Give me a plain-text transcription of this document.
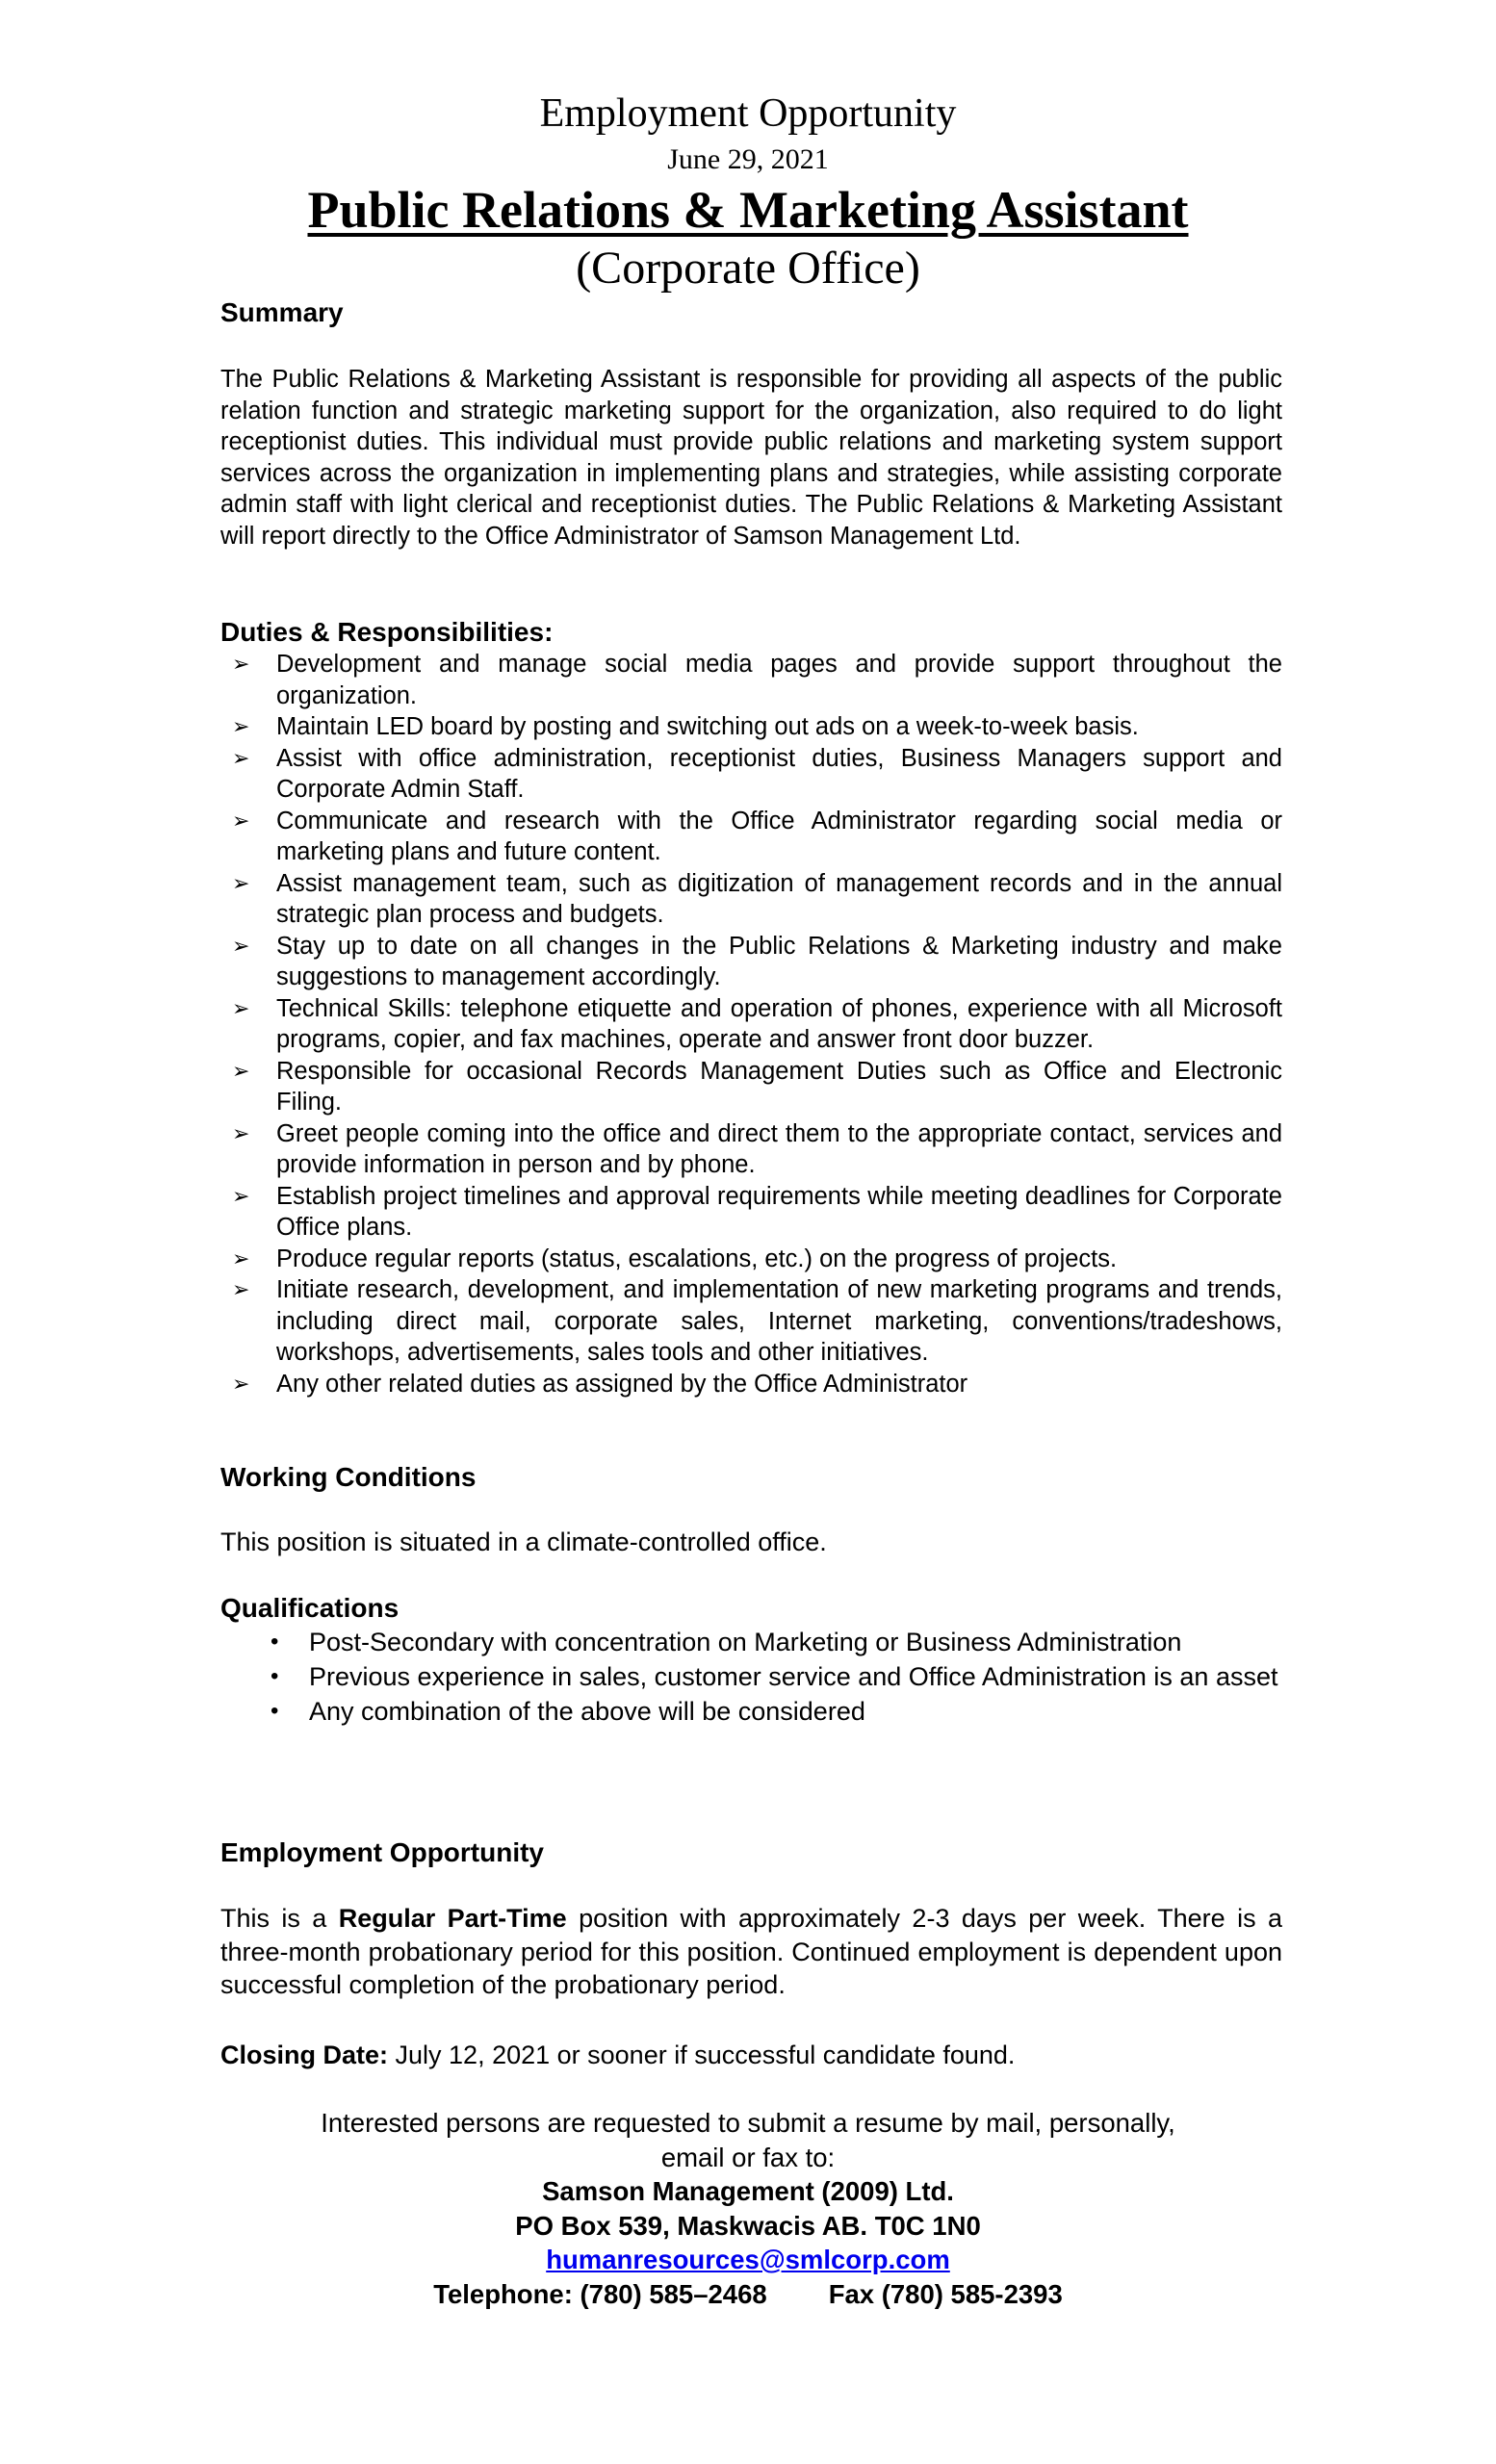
Employment Opportunity
June 29, 2021
Public Relations & Marketing Assistant
(Corporate Office)
Summary

The Public Relations & Marketing Assistant is responsible for providing all aspects of the public relation function and strategic marketing support for the organization, also required to do light receptionist duties. This individual must provide public relations and marketing system support services across the organization in implementing plans and strategies, while assisting corporate admin staff with light clerical and receptionist duties. The Public Relations & Marketing Assistant will report directly to the Office Administrator of Samson Management Ltd.

Duties & Responsibilities:
➢ Development and manage social media pages and provide support throughout the organization.
➢ Maintain LED board by posting and switching out ads on a week-to-week basis.
➢ Assist with office administration, receptionist duties, Business Managers support and Corporate Admin Staff.
➢ Communicate and research with the Office Administrator regarding social media or marketing plans and future content.
➢ Assist management team, such as digitization of management records and in the annual strategic plan process and budgets.
➢ Stay up to date on all changes in the Public Relations & Marketing industry and make suggestions to management accordingly.
➢ Technical Skills: telephone etiquette and operation of phones, experience with all Microsoft programs, copier, and fax machines, operate and answer front door buzzer.
➢ Responsible for occasional Records Management Duties such as Office and Electronic Filing.
➢ Greet people coming into the office and direct them to the appropriate contact, services and provide information in person and by phone.
➢ Establish project timelines and approval requirements while meeting deadlines for Corporate Office plans.
➢ Produce regular reports (status, escalations, etc.) on the progress of projects.
➢ Initiate research, development, and implementation of new marketing programs and trends, including direct mail, corporate sales, Internet marketing, conventions/tradeshows, workshops, advertisements, sales tools and other initiatives.
➢ Any other related duties as assigned by the Office Administrator
Working Conditions

This position is situated in a climate-controlled office.

Qualifications
• Post-Secondary with concentration on Marketing or Business Administration
• Previous experience in sales, customer service and Office Administration is an asset
• Any combination of the above will be considered
Employment Opportunity

This is a Regular Part-Time position with approximately 2-3 days per week. There is a three-month probationary period for this position. Continued employment is dependent upon successful completion of the probationary period.

Closing Date: July 12, 2021 or sooner if successful candidate found.

Interested persons are requested to submit a resume by mail, personally,
email or fax to:
Samson Management (2009) Ltd.
PO Box 539, Maskwacis AB. T0C 1N0
humanresources@smlcorp.com
Telephone: (780) 585–2468 Fax (780) 585-2393
